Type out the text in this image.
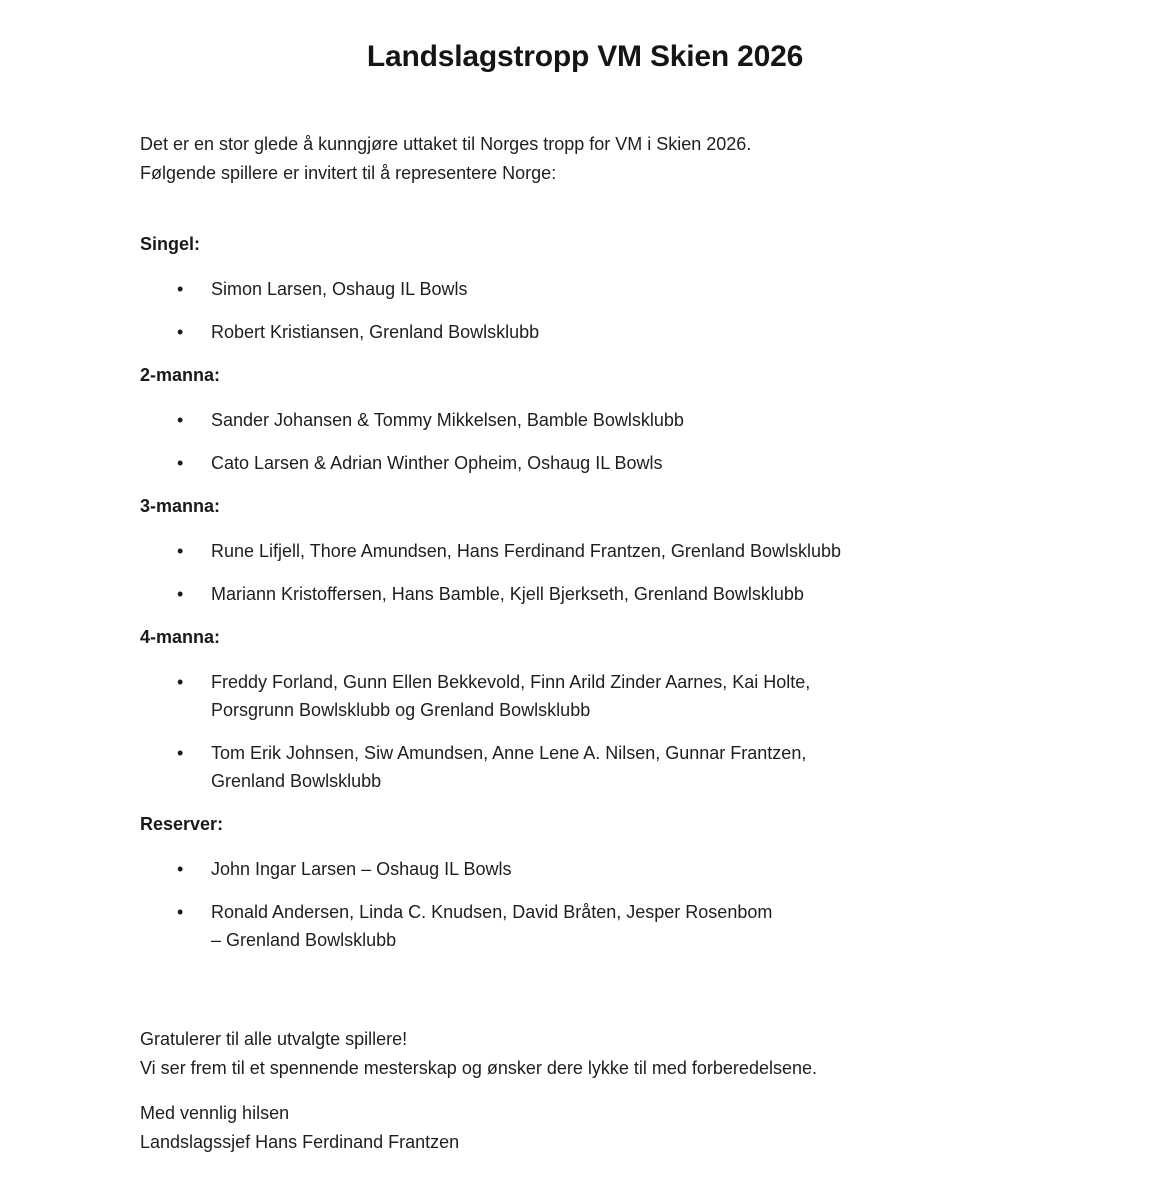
Landslagstropp VM Skien 2026
Det er en stor glede å kunngjøre uttaket til Norges tropp for VM i Skien 2026.
Følgende spillere er invitert til å representere Norge:
Singel:
• Simon Larsen, Oshaug IL Bowls
• Robert Kristiansen, Grenland Bowlsklubb
2-manna:
• Sander Johansen & Tommy Mikkelsen, Bamble Bowlsklubb
• Cato Larsen & Adrian Winther Opheim, Oshaug IL Bowls
3-manna:
• Rune Lifjell, Thore Amundsen, Hans Ferdinand Frantzen, Grenland Bowlsklubb
• Mariann Kristoffersen, Hans Bamble, Kjell Bjerkseth, Grenland Bowlsklubb
4-manna:
• Freddy Forland, Gunn Ellen Bekkevold, Finn Arild Zinder Aarnes, Kai Holte,
Porsgrunn Bowlsklubb og Grenland Bowlsklubb
• Tom Erik Johnsen, Siw Amundsen, Anne Lene A. Nilsen, Gunnar Frantzen,
Grenland Bowlsklubb
Reserver:
• John Ingar Larsen – Oshaug IL Bowls
• Ronald Andersen, Linda C. Knudsen, David Bråten, Jesper Rosenbom
– Grenland Bowlsklubb
Gratulerer til alle utvalgte spillere!
Vi ser frem til et spennende mesterskap og ønsker dere lykke til med forberedelsene.
Med vennlig hilsen
Landslagssjef Hans Ferdinand Frantzen
